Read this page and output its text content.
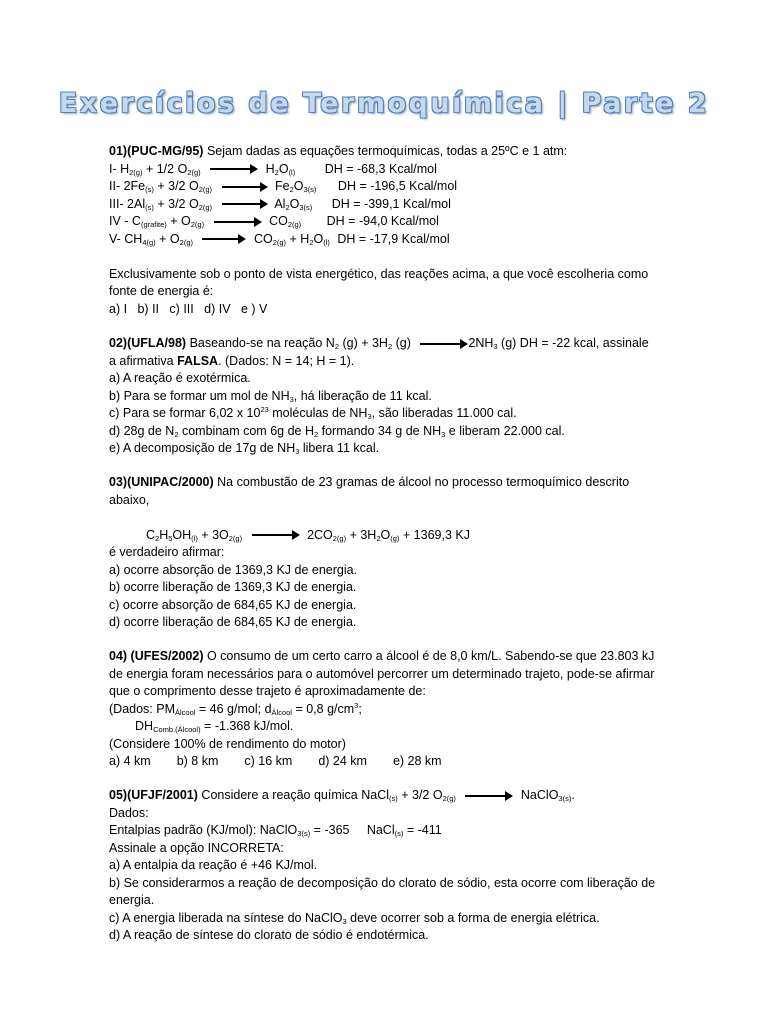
Exercícios de Termoquímica | Parte 2
01)(PUC-MG/95) Sejam dadas as equações termoquímicas, todas a 25ºC e 1 atm:
I- $H_{2(g)} + 1/2$ $O_{2(g)} \to H_2O_{(l)}$ DH = -68,3 Kcal/mol
II- $2Fe_{(s)} + 3/2$ $O_{2(g)} \to Fe_2O_{3(s)}$ DH = -196,5 Kcal/mol
III- $2Al_{(s)} + 3/2$ $O_{2(g)} \to Al_2O_{3(s)}$ DH = -399,1 Kcal/mol
IV - $C_{(grafite)} + O_{2(g)} \to CO_{2(g)}$ DH = -94,0 Kcal/mol
V- $CH_{4(g)} + O_{2(g)} \to CO_{2(g)} + H_2O_{(l)}$ DH = -17,9 Kcal/mol
Exclusivamente sob o ponto de vista energético, das reações acima, a que você escolheria como fonte de energia é:
a) I   b) II   c) III   d) IV   e ) V
02)(UFLA/98) Baseando-se na reação $N_2$ $(g) + 3H_2$ $(g) \to 2NH_3$ (g) DH = -22 kcal, assinale
a afirmativa FALSA. (Dados: N = 14; H = 1).
a) A reação é exotérmica.
b) Para se formar um mol de $NH_3$, há liberação de 11 kcal.
c) Para se formar 6,02 x $10^{23}$ moléculas de $NH_3$, são liberadas 11.000 cal.
d) 28g de $N_2$ combinam com 6g de $H_2$ formando 34 g de $NH_3$ e liberam 22.000 cal.
e) A decomposição de 17g de $NH_3$ libera 11 kcal.
03)(UNIPAC/2000) Na combustão de 23 gramas de álcool no processo termoquímico descrito abaixo,
$C_2H_5OH_{(l)} + 3O_{2(g)} \to 2CO_{2(g)} + 3H_2O_{(g)} + 1369,3$ KJ
é verdadeiro afirmar:
a) ocorre absorção de 1369,3 KJ de energia.
b) ocorre liberação de 1369,3 KJ de energia.
c) ocorre absorção de 684,65 KJ de energia.
d) ocorre liberação de 684,65 KJ de energia.
04) (UFES/2002) O consumo de um certo carro a álcool é de 8,0 km/L. Sabendo-se que 23.803 kJ de energia foram necessários para o automóvel percorrer um determinado trajeto, pode-se afirmar que o comprimento desse trajeto é aproximadamente de:
(Dados: $PM_{Álcool} = 46$ g/mol; $d_{Álcool} = 0,8$ $g/cm^3$;
$DH_{Comb.(Álcool)} = -1.368$ kJ/mol.
(Considere 100% de rendimento do motor)
a) 4 km b) 8 km c) 16 km d) 24 km e) 28 km
05)(UFJF/2001) Considere a reação química NaCl$_{(s)}$ + 3/2 $O_{2(g)}$ → NaClO$_{3(s)}$.
Dados:
Entalpias padrão (KJ/mol): NaClO$_{3(s)}$ = -365     NaCl$_{(s)}$ = -411
Assinale a opção INCORRETA:
a) A entalpia da reação é +46 KJ/mol.
b) Se considerarmos a reação de decomposição do clorato de sódio, esta ocorre com liberação de energia.
c) A energia liberada na síntese do NaClO$_3$ deve ocorrer sob a forma de energia elétrica.
d) A reação de síntese do clorato de sódio é endotérmica.
